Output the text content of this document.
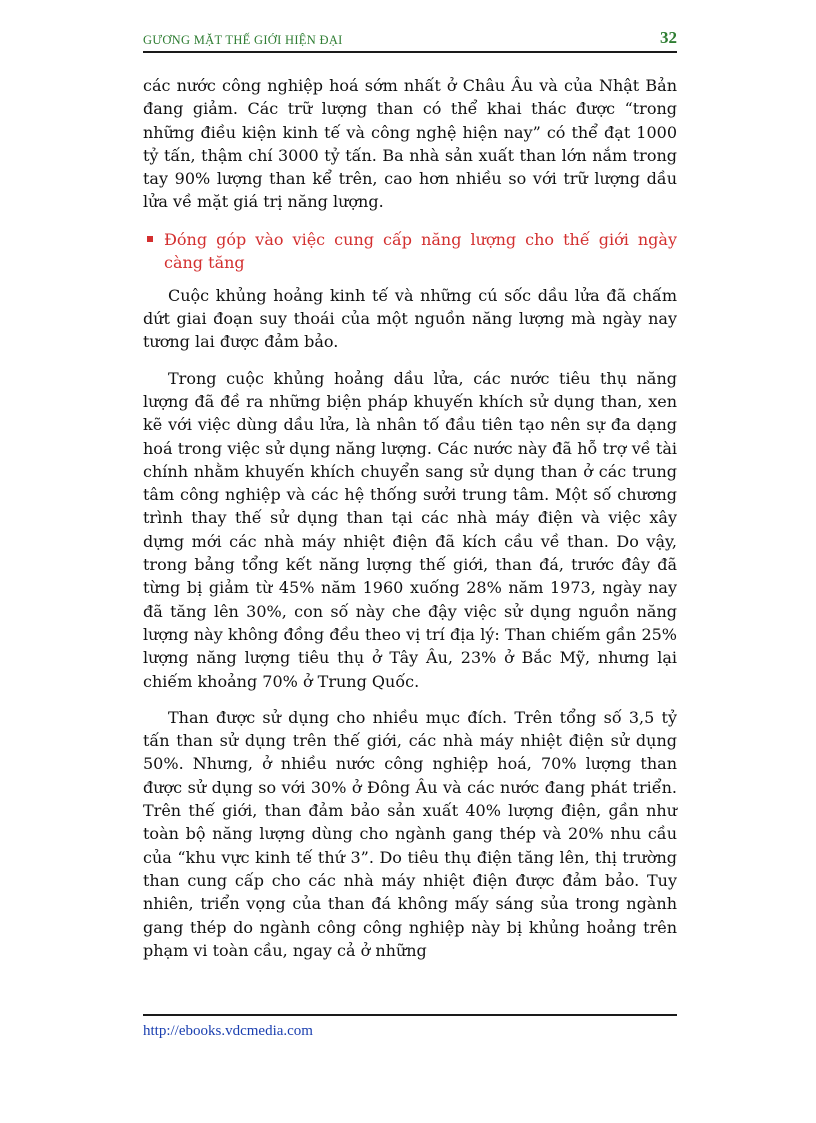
GƯƠNG MẶT THẾ GIỚI HIỆN ĐẠI	32

các nước công nghiệp hoá sớm nhất ở Châu Âu và của Nhật Bản đang giảm. Các trữ lượng than có thể khai thác được “trong những điều kiện kinh tế và công nghệ hiện nay” có thể đạt 1000 tỷ tấn, thậm chí 3000 tỷ tấn. Ba nhà sản xuất than lớn nắm trong tay 90% lượng than kể trên, cao hơn nhiều so với trữ lượng dầu lửa về mặt giá trị năng lượng.

Đóng góp vào việc cung cấp năng lượng cho thế giới ngày càng tăng

Cuộc khủng hoảng kinh tế và những cú sốc dầu lửa đã chấm dứt giai đoạn suy thoái của một nguồn năng lượng mà ngày nay tương lai được đảm bảo.

Trong cuộc khủng hoảng dầu lửa, các nước tiêu thụ năng lượng đã đề ra những biện pháp khuyến khích sử dụng than, xen kẽ với việc dùng dầu lửa, là nhân tố đầu tiên tạo nên sự đa dạng hoá trong việc sử dụng năng lượng. Các nước này đã hỗ trợ về tài chính nhằm khuyến khích chuyển sang sử dụng than ở các trung tâm công nghiệp và các hệ thống sưởi trung tâm. Một số chương trình thay thế sử dụng than tại các nhà máy điện và việc xây dựng mới các nhà máy nhiệt điện đã kích cầu về than. Do vậy, trong bảng tổng kết năng lượng thế giới, than đá, trước đây đã từng bị giảm từ 45% năm 1960 xuống 28% năm 1973, ngày nay đã tăng lên 30%, con số này che đậy việc sử dụng nguồn năng lượng này không đồng đều theo vị trí địa lý: Than chiếm gần 25% lượng năng lượng tiêu thụ ở Tây Âu, 23% ở Bắc Mỹ, nhưng lại chiếm khoảng 70% ở Trung Quốc.

Than được sử dụng cho nhiều mục đích. Trên tổng số 3,5 tỷ tấn than sử dụng trên thế giới, các nhà máy nhiệt điện sử dụng 50%. Nhưng, ở nhiều nước công nghiệp hoá, 70% lượng than được sử dụng so với 30% ở Đông Âu và các nước đang phát triển. Trên thế giới, than đảm bảo sản xuất 40% lượng điện, gần như toàn bộ năng lượng dùng cho ngành gang thép và 20% nhu cầu của “khu vực kinh tế thứ 3”. Do tiêu thụ điện tăng lên, thị trường than cung cấp cho các nhà máy nhiệt điện được đảm bảo. Tuy nhiên, triển vọng của than đá không mấy sáng sủa trong ngành gang thép do ngành công công nghiệp này bị khủng hoảng trên phạm vi toàn cầu, ngay cả ở những

http://ebooks.vdcmedia.com
